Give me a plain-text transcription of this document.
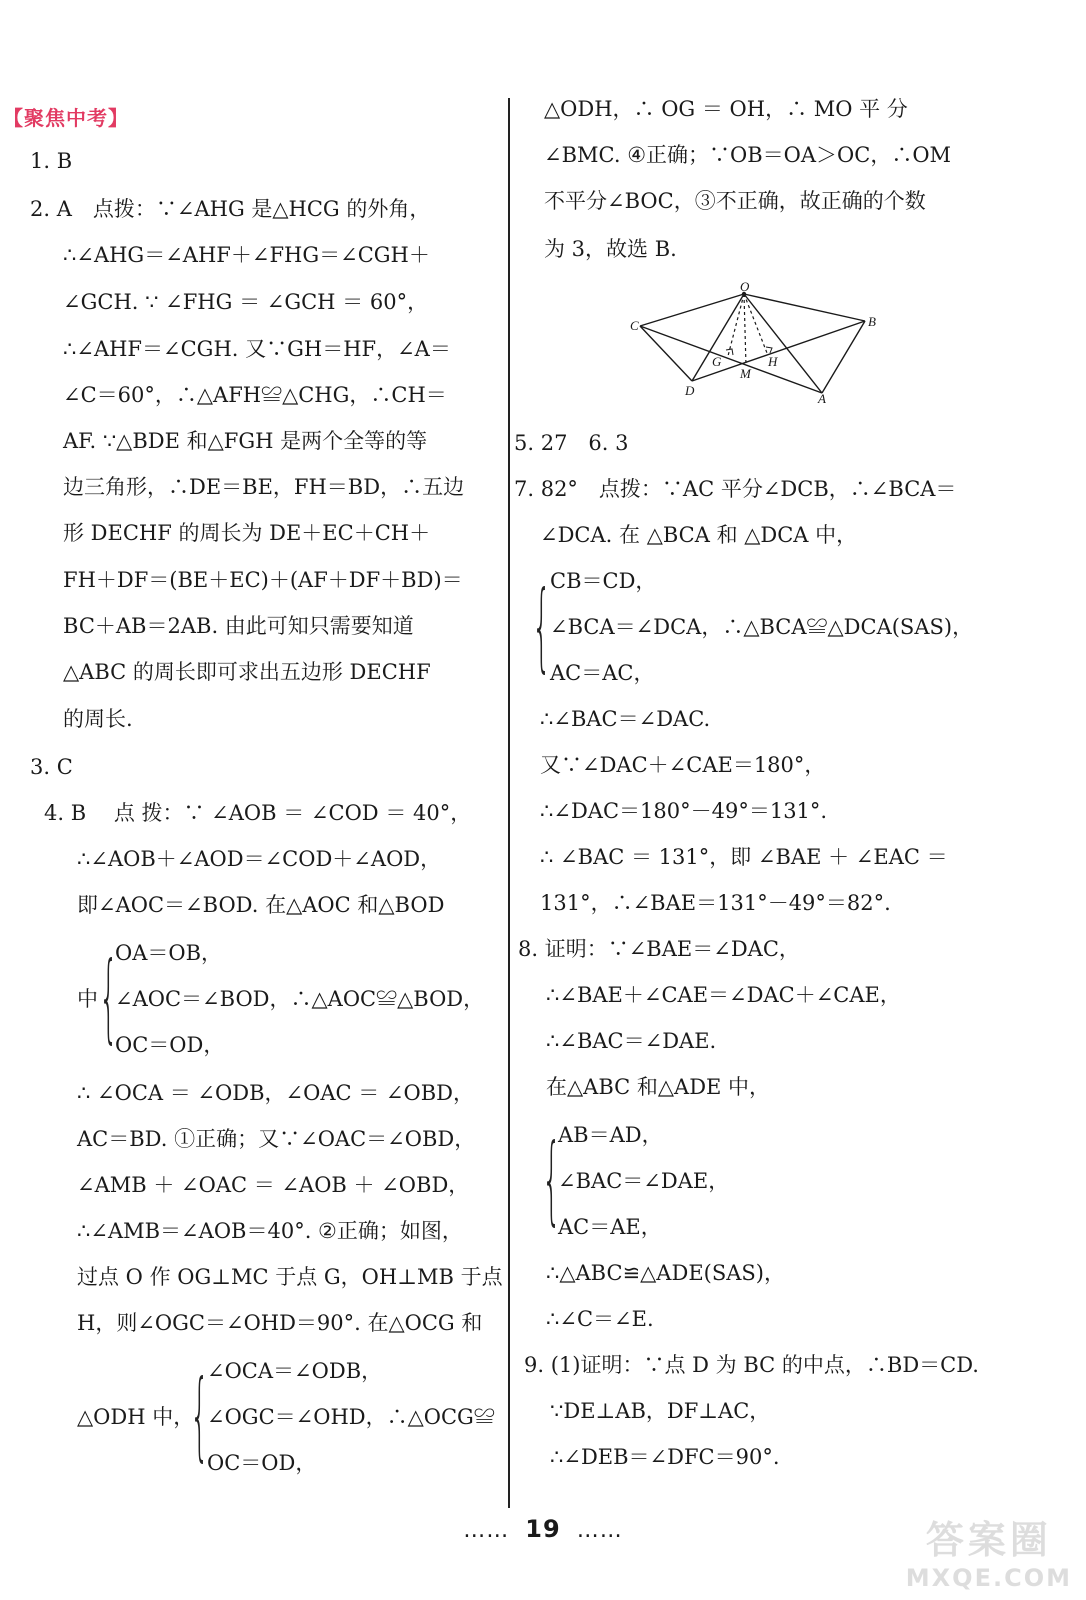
【聚焦中考】
1. B
2. A　点拨：∵∠AHG 是△HCG 的外角，
∴∠AHG＝∠AHF＋∠FHG＝∠CGH＋
∠GCH. ∵ ∠FHG ＝ ∠GCH ＝ 60°，
∴∠AHF＝∠CGH. 又∵GH＝HF，∠A＝
∠C＝60°，∴△AFH≌△CHG，∴CH＝
AF. ∵△BDE 和△FGH 是两个全等的等
边三角形，∴DE＝BE，FH＝BD，∴五边
形 DECHF 的周长为 DE＋EC＋CH＋
FH＋DF＝(BE＋EC)＋(AF＋DF＋BD)＝
BC＋AB＝2AB. 由此可知只需要知道
△ABC 的周长即可求出五边形 DECHF
的周长.
3. C
4. B　 点 拨：∵ ∠AOB ＝ ∠COD ＝ 40°，
∴∠AOB＋∠AOD＝∠COD＋∠AOD，
即∠AOC＝∠BOD. 在△AOC 和△BOD
OA＝OB，
中 {
∠AOC＝∠BOD，∴△AOC≌△BOD，
OC＝OD，
∴ ∠OCA ＝ ∠ODB，∠OAC ＝ ∠OBD，
AC＝BD. ①正确；又∵∠OAC＝∠OBD，
∠AMB ＋ ∠OAC ＝ ∠AOB ＋ ∠OBD，
∴∠AMB＝∠AOB＝40°. ②正确；如图，
过点 O 作 OG⊥MC 于点 G，OH⊥MB 于点
H，则∠OGC＝∠OHD＝90°. 在△OCG 和
∠OCA＝∠ODB，
△ODH 中，
{
∠OGC＝∠OHD，∴△OCG≌
OC＝OD，
△ODH，∴ OG ＝ OH，∴ MO 平 分
∠BMC. ④正确；∵OB＝OA＞OC，∴OM
不平分∠BOC，③不正确，故正确的个数
为 3，故选 B.
5. 27　6. 3
7. 82°　点拨：∵AC 平分∠DCB，∴∠BCA＝
∠DCA. 在 △BCA 和 △DCA 中，
{
CB＝CD，
∠BCA＝∠DCA，∴△BCA≌△DCA(SAS)，
AC＝AC，
∴∠BAC＝∠DAC.
又∵∠DAC＋∠CAE＝180°，
∴∠DAC＝180°－49°＝131°.
∴ ∠BAC ＝ 131°，即 ∠BAE ＋ ∠EAC ＝
131°，∴∠BAE＝131°－49°＝82°.
8. 证明：∵∠BAE＝∠DAC，
∴∠BAE＋∠CAE＝∠DAC＋∠CAE，
∴∠BAC＝∠DAE.
在△ABC 和△ADE 中，
{
AB＝AD，
∠BAC＝∠DAE，
AC＝AE，
∴△ABC≌△ADE(SAS)，
∴∠C＝∠E.
9. (1)证明：∵点 D 为 BC 的中点，∴BD＝CD.
∵DE⊥AB，DF⊥AC，
∴∠DEB＝∠DFC＝90°.
O
C	B
G	H
M
D
A
…… 19 ……	答案圈
MXQE.COM
